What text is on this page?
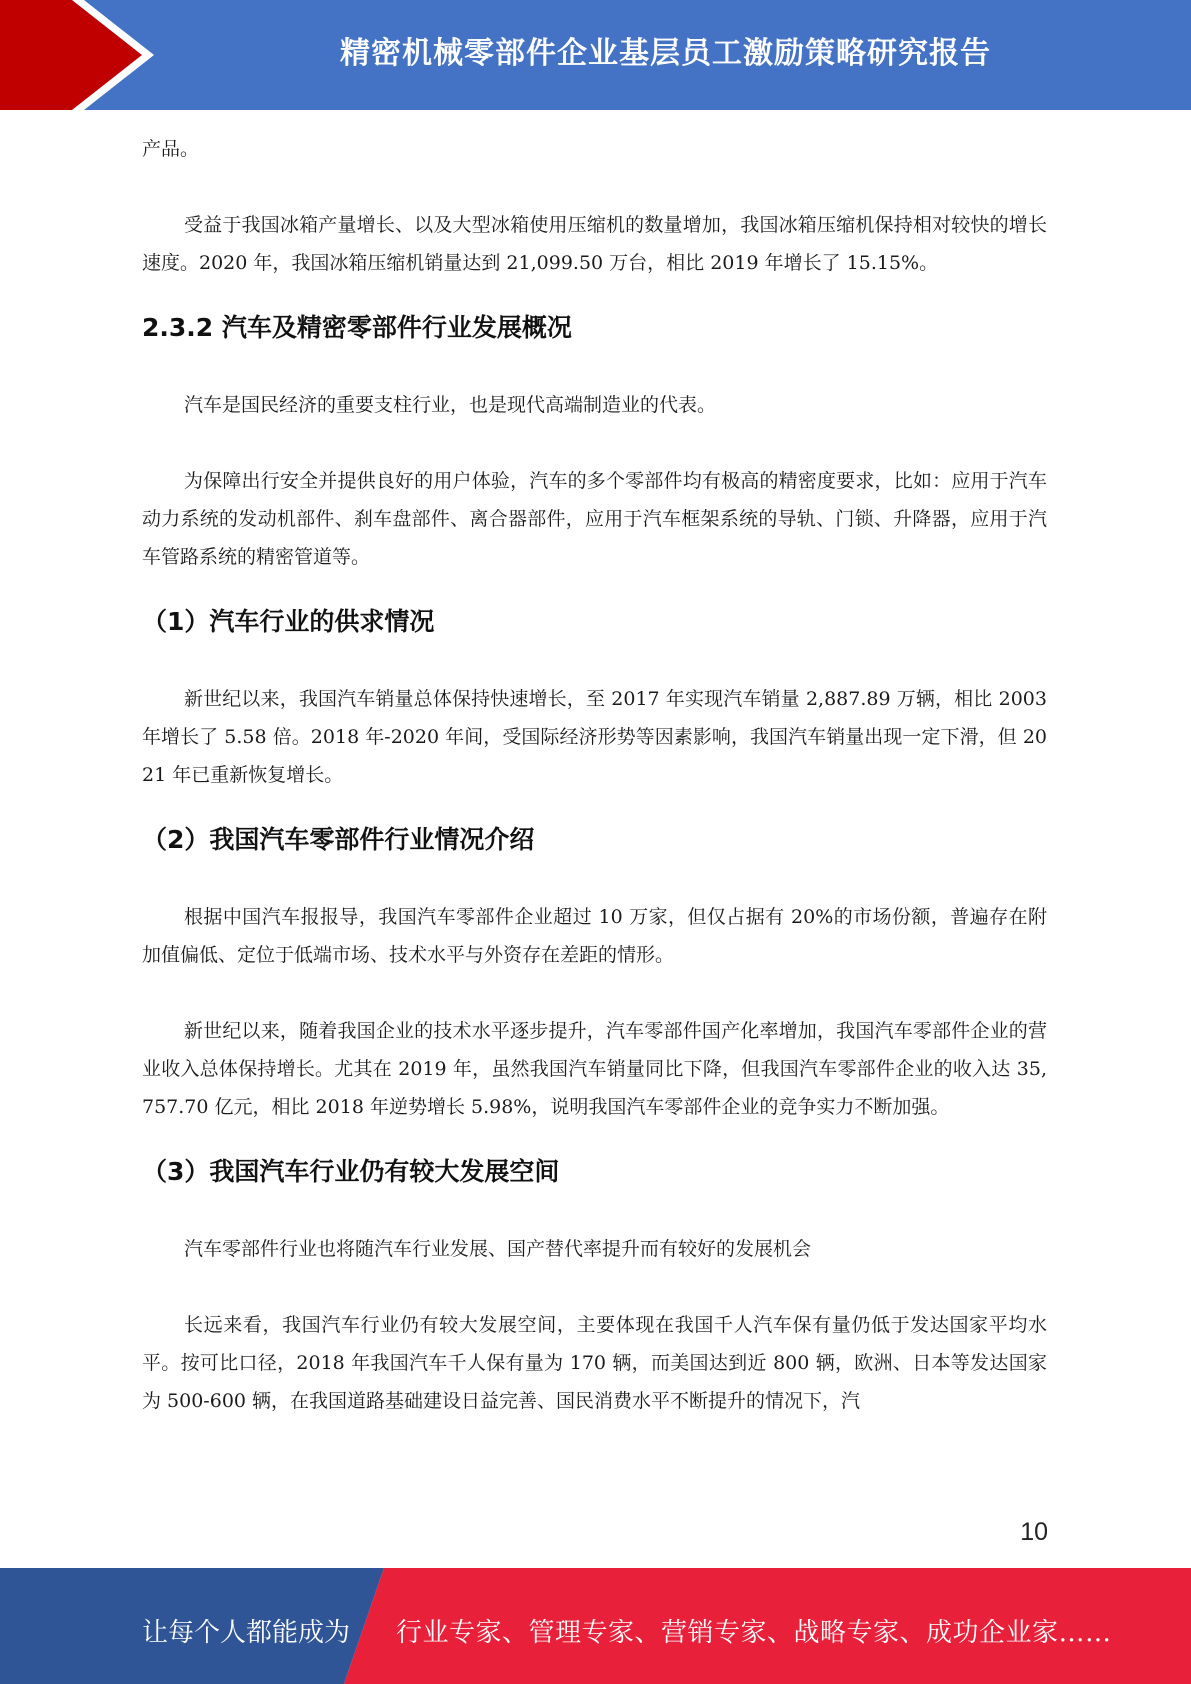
精密机械零部件企业基层员工激励策略研究报告

产品。

受益于我国冰箱产量增长、以及大型冰箱使用压缩机的数量增加，我国冰箱压缩机保持相对较快的增长速度。2020 年，我国冰箱压缩机销量达到 21,099.50 万台，相比 2019 年增长了 15.15%。

2.3.2 汽车及精密零部件行业发展概况

汽车是国民经济的重要支柱行业，也是现代高端制造业的代表。

为保障出行安全并提供良好的用户体验，汽车的多个零部件均有极高的精密度要求，比如：应用于汽车动力系统的发动机部件、刹车盘部件、离合器部件，应用于汽车框架系统的导轨、门锁、升降器，应用于汽车管路系统的精密管道等。

（1）汽车行业的供求情况

新世纪以来，我国汽车销量总体保持快速增长，至 2017 年实现汽车销量 2,887.89 万辆，相比 2003 年增长了 5.58 倍。2018 年-2020 年间，受国际经济形势等因素影响，我国汽车销量出现一定下滑，但 2021 年已重新恢复增长。

（2）我国汽车零部件行业情况介绍

根据中国汽车报报导，我国汽车零部件企业超过 10 万家，但仅占据有 20%的市场份额，普遍存在附加值偏低、定位于低端市场、技术水平与外资存在差距的情形。

新世纪以来，随着我国企业的技术水平逐步提升，汽车零部件国产化率增加，我国汽车零部件企业的营业收入总体保持增长。尤其在 2019 年，虽然我国汽车销量同比下降，但我国汽车零部件企业的收入达 35,757.70 亿元，相比 2018 年逆势增长 5.98%，说明我国汽车零部件企业的竞争实力不断加强。

（3）我国汽车行业仍有较大发展空间

汽车零部件行业也将随汽车行业发展、国产替代率提升而有较好的发展机会

长远来看，我国汽车行业仍有较大发展空间，主要体现在我国千人汽车保有量仍低于发达国家平均水平。按可比口径，2018 年我国汽车千人保有量为 170 辆，而美国达到近 800 辆，欧洲、日本等发达国家为 500-600 辆，在我国道路基础建设日益完善、国民消费水平不断提升的情况下，汽

10
让每个人都能成为 行业专家、管理专家、营销专家、战略专家、成功企业家……
